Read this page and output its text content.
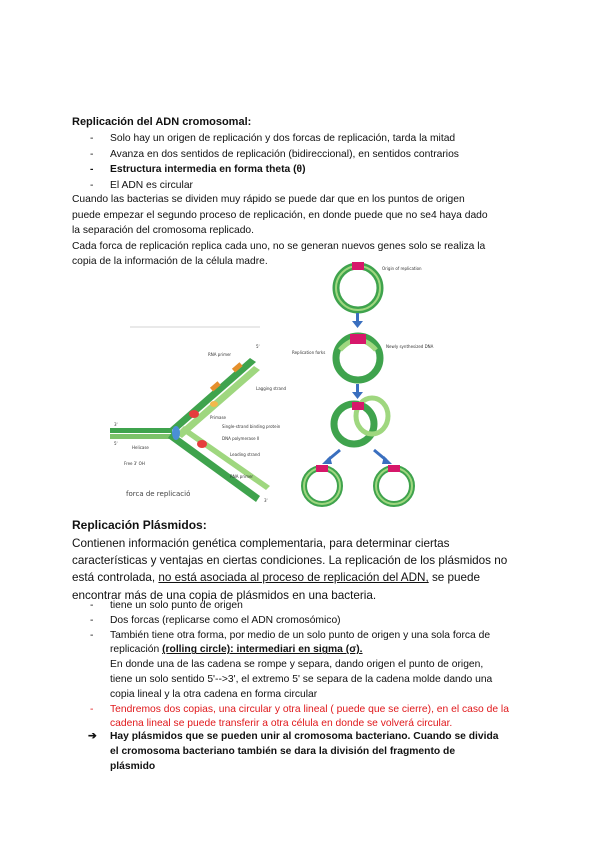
Replicación del ADN cromosomal:
- Solo hay un origen de replicación y dos forcas de replicación, tarda la mitad
- Avanza en dos sentidos de replicación (bidireccional), en sentidos contrarios
- Estructura intermedia en forma theta (θ)
- El ADN es circular
Cuando las bacterias se dividen muy rápido se puede dar que en los puntos de origen
puede empezar el segundo proceso de replicación, en donde puede que no se4 haya dado
la separación del cromosoma replicado.
Cada forca de replicación replica cada uno, no se generan nuevos genes solo se realiza la
copia de la información de la célula madre.
RNA primer
Lagging strand
Primase
Single-strand binding protein
DNA polymerase II
Helicase
Leading strand
Free 3' OH
RNA primer
5'
3'
5'
3'
forca de replicació
Origin of replication
Replication forks
Newly synthesized DNA
Replicación Plásmidos:
Contienen información genética complementaria, para determinar ciertas
características y ventajas en ciertas condiciones. La replicación de los plásmidos no
está controlada, no está asociada al proceso de replicación del ADN, se puede
encontrar más de una copia de plásmidos en una bacteria.
- tiene un solo punto de origen
- Dos forcas (replicarse como el ADN cromosómico)
- También tiene otra forma, por medio de un solo punto de origen y una sola forca de
replicación (rolling circle): intermediari en sigma (σ).
En donde una de las cadena se rompe y separa, dando origen el punto de origen,
tiene un solo sentido 5'-->3', el extremo 5' se separa de la cadena molde dando una
copia lineal y la otra cadena en forma circular
- Tendremos dos copias, una circular y otra lineal ( puede que se cierre), en el caso de la cadena lineal se puede transferir a otra célula en donde se volverá circular.
➔ Hay plásmidos que se pueden unir al cromosoma bacteriano. Cuando se divida
el cromosoma bacteriano también se dara la división del fragmento de
plásmido
